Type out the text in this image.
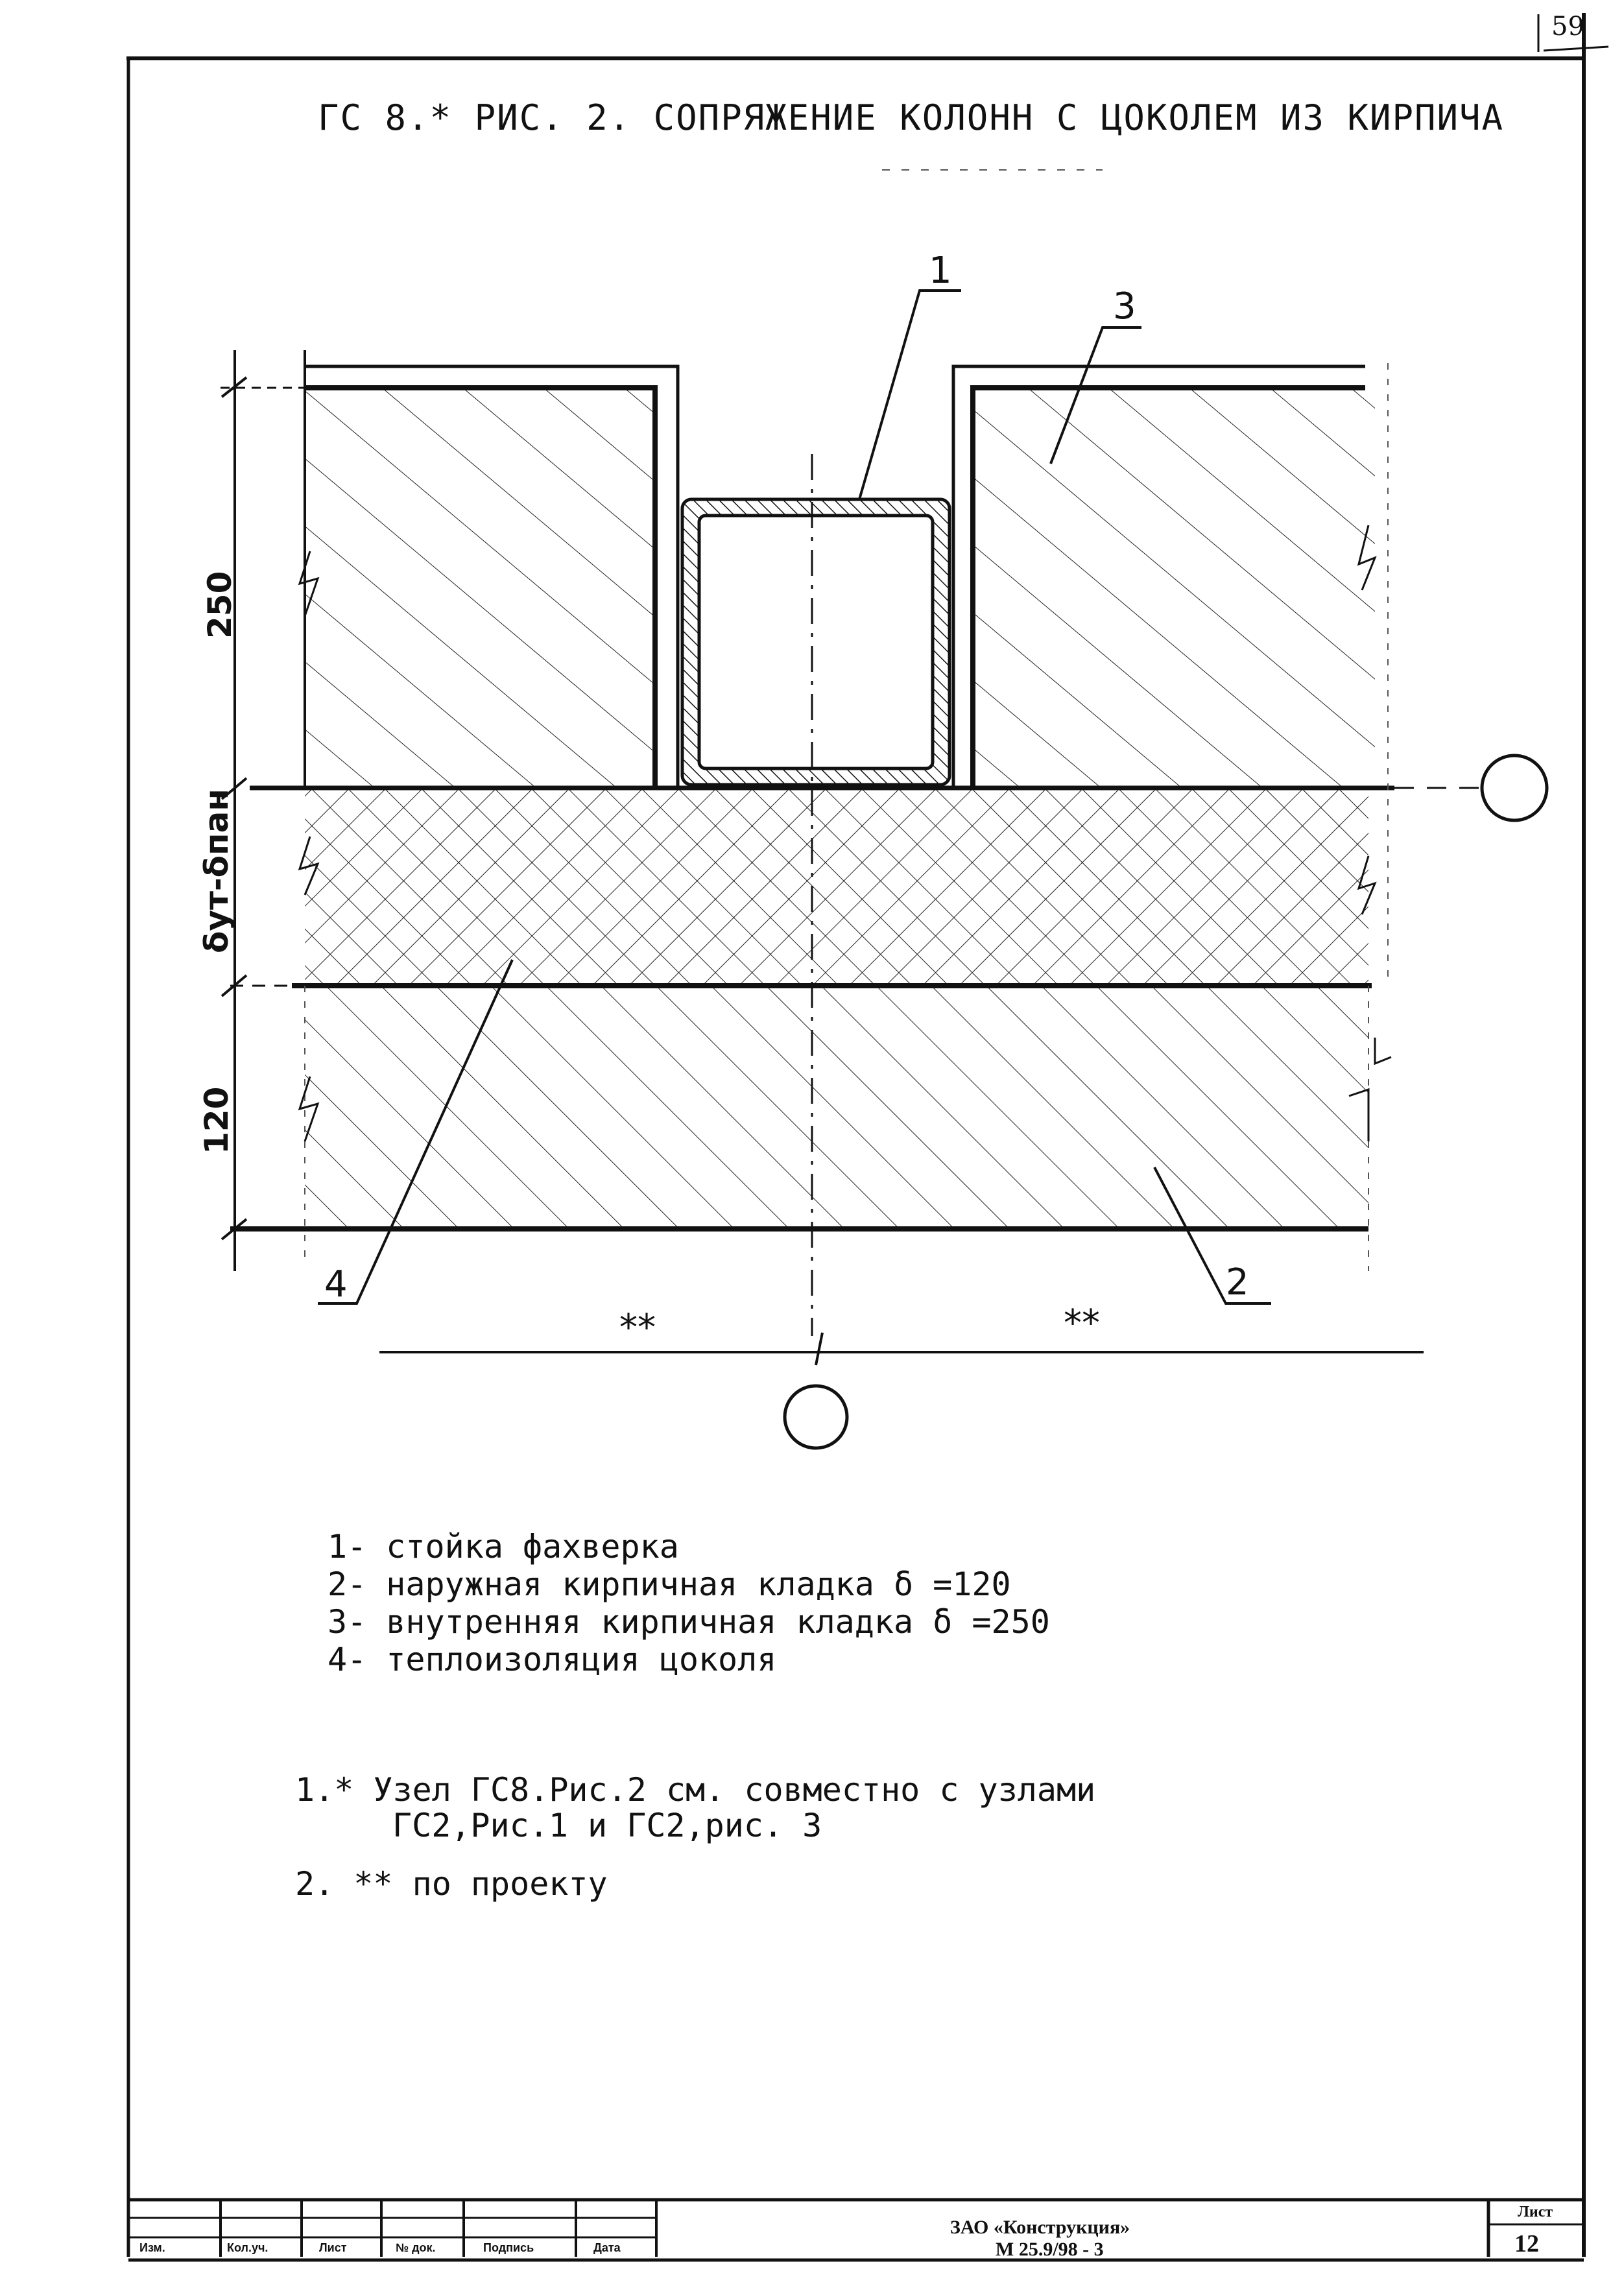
59
ГС 8.* РИС. 2. СОПРЯЖЕНИЕ КОЛОНН С ЦОКОЛЕМ ИЗ КИРПИЧА
1
2
3
4
250
δут-δпан
120
**	**
1- стойка фахверка
2- наружная кирпичная кладка δ =120
3- внутренняя кирпичная кладка δ =250
4- теплоизоляция цоколя
1.* Узел ГС8.Рис.2 см. совместно с узлами
ГС2,Рис.1 и ГС2,рис. 3
2. ** по проекту
Изм.	Кол.уч.	Лист	№ док.	Подпись	Дата
ЗАО «Конструкция»
М 25.9/98 - 3
Лист
12
